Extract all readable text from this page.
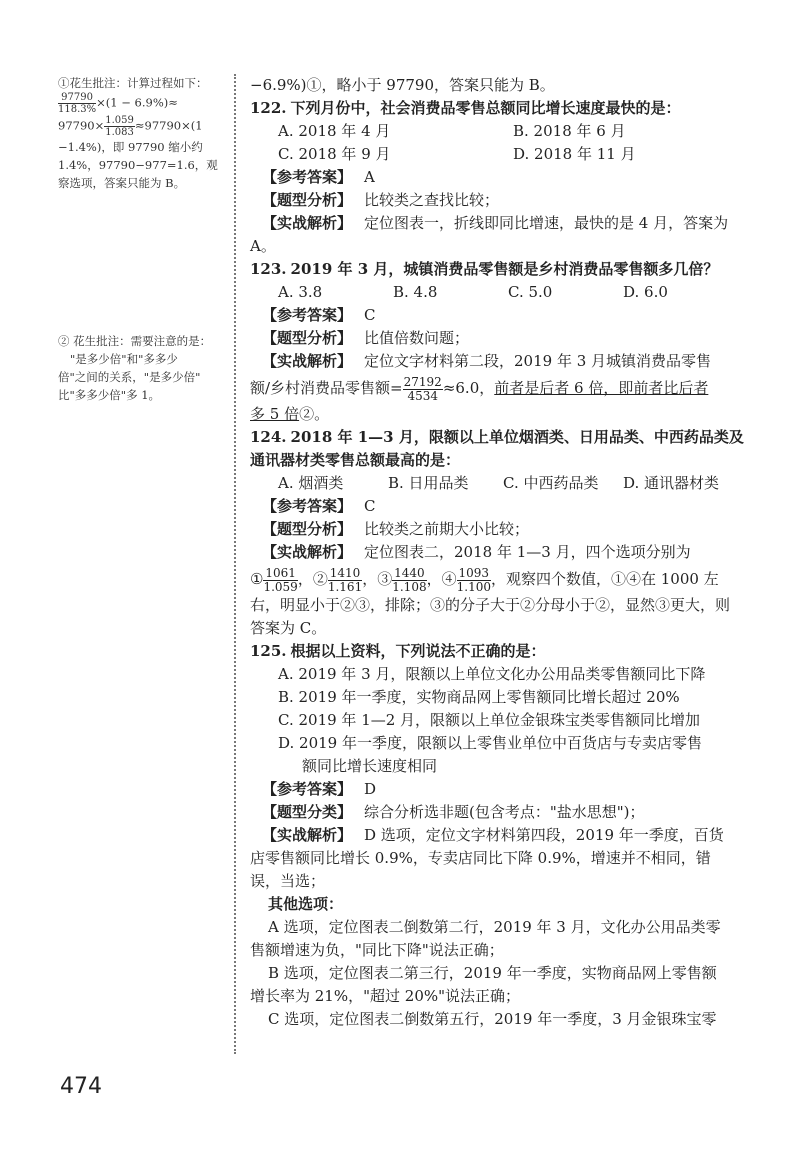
①花生批注：计算过程如下：

$\frac{97790}{118.3\%} \times(1 - 6.9\%)\approx$

$97790\times \frac{1.059}{1.083} \approx 97790\times(1$

−1.4%)，即 97790 缩小约

1.4%，97790−977=1.6，观

察选项，答案只能为 B。

② 花生批注：需要注意的是：

"是多少倍"和"多多少

倍"之间的关系，"是多少倍"

比"多多少倍"多 1。

−6.9%)①，略小于 97790，答案只能为 B。
122. 下列月份中，社会消费品零售总额同比增长速度最快的是：
A. 2018 年 4 月	B. 2018 年 6 月
C. 2018 年 9 月	D. 2018 年 11 月
【参考答案】 A
【题型分析】 比较类之查找比较；
【实战解析】 定位图表一，折线即同比增速，最快的是 4 月，答案为 A。
123. 2019 年 3 月，城镇消费品零售额是乡村消费品零售额多几倍？
A. 3.8	B. 4.8	C. 5.0	D. 6.0
【参考答案】 C
【题型分析】 比值倍数问题；
【实战解析】 定位文字材料第二段，2019 年 3 月城镇消费品零售
额/乡村消费品零售额= $\frac{27192}{4534} \approx 6.0$，前者是后者 6 倍，即前者比后者
多 5 倍②。
124. 2018 年 1—3 月，限额以上单位烟酒类、日用品类、中西药品类及
通讯器材类零售总额最高的是：
A. 烟酒类	B. 日用品类	C. 中西药品类	D. 通讯器材类
【参考答案】 C
【题型分析】 比较类之前期大小比较；
【实战解析】 定位图表二，2018 年 1—3 月，四个选项分别为
① $\frac{1061}{1.059}$ ，② $\frac{1410}{1.161}$ ，③ $\frac{1440}{1.108}$ ，④ $\frac{1093}{1.100}$ ，观察四个数值，①④在 1000 左
右，明显小于②③，排除；③的分子大于②分母小于②，显然③更大，则
答案为 C。
125. 根据以上资料，下列说法不正确的是：
A. 2019 年 3 月，限额以上单位文化办公用品类零售额同比下降
B. 2019 年一季度，实物商品网上零售额同比增长超过 20%
C. 2019 年 1—2 月，限额以上单位金银珠宝类零售额同比增加
D. 2019 年一季度，限额以上零售业单位中百货店与专卖店零售
额同比增长速度相同
【参考答案】 D
【题型分类】 综合分析选非题(包含考点："盐水思想")；
【实战解析】 D 选项，定位文字材料第四段，2019 年一季度，百货
店零售额同比增长 0.9%，专卖店同比下降 0.9%，增速并不相同，错
误，当选；
其他选项：
A 选项，定位图表二倒数第二行，2019 年 3 月，文化办公用品类零
售额增速为负，"同比下降"说法正确；
B 选项，定位图表二第三行，2019 年一季度，实物商品网上零售额
增长率为 21%，"超过 20%"说法正确；
C 选项，定位图表二倒数第五行，2019 年一季度，3 月金银珠宝零
474
